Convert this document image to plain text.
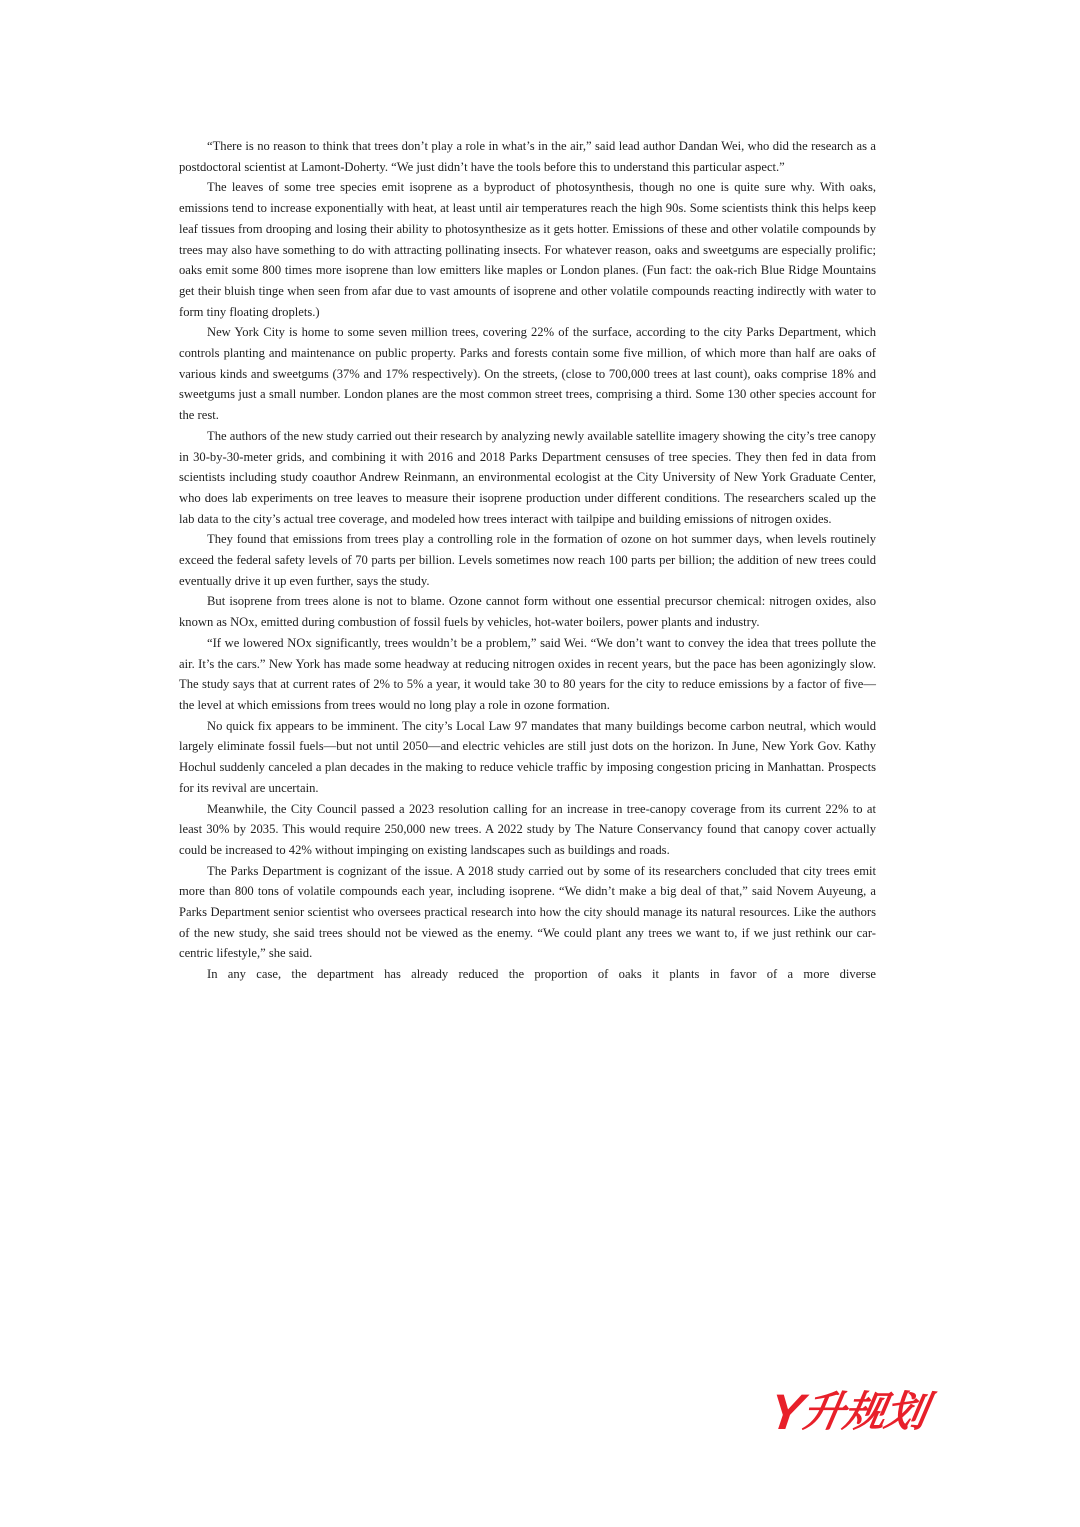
“There is no reason to think that trees don’t play a role in what’s in the air,” said lead author Dandan Wei, who did the research as a postdoctoral scientist at Lamont-Doherty. “We just didn’t have the tools before this to understand this particular aspect.”

The leaves of some tree species emit isoprene as a byproduct of photosynthesis, though no one is quite sure why. With oaks, emissions tend to increase exponentially with heat, at least until air temperatures reach the high 90s. Some scientists think this helps keep leaf tissues from drooping and losing their ability to photosynthesize as it gets hotter. Emissions of these and other volatile compounds by trees may also have something to do with attracting pollinating insects. For whatever reason, oaks and sweetgums are especially prolific; oaks emit some 800 times more isoprene than low emitters like maples or London planes. (Fun fact: the oak-rich Blue Ridge Mountains get their bluish tinge when seen from afar due to vast amounts of isoprene and other volatile compounds reacting indirectly with water to form tiny floating droplets.)

New York City is home to some seven million trees, covering 22% of the surface, according to the city Parks Department, which controls planting and maintenance on public property. Parks and forests contain some five million, of which more than half are oaks of various kinds and sweetgums (37% and 17% respectively). On the streets, (close to 700,000 trees at last count), oaks comprise 18% and sweetgums just a small number. London planes are the most common street trees, comprising a third. Some 130 other species account for the rest.

The authors of the new study carried out their research by analyzing newly available satellite imagery showing the city’s tree canopy in 30-by-30-meter grids, and combining it with 2016 and 2018 Parks Department censuses of tree species. They then fed in data from scientists including study coauthor Andrew Reinmann, an environmental ecologist at the City University of New York Graduate Center, who does lab experiments on tree leaves to measure their isoprene production under different conditions. The researchers scaled up the lab data to the city’s actual tree coverage, and modeled how trees interact with tailpipe and building emissions of nitrogen oxides.

They found that emissions from trees play a controlling role in the formation of ozone on hot summer days, when levels routinely exceed the federal safety levels of 70 parts per billion. Levels sometimes now reach 100 parts per billion; the addition of new trees could eventually drive it up even further, says the study.

But isoprene from trees alone is not to blame. Ozone cannot form without one essential precursor chemical: nitrogen oxides, also known as NOx, emitted during combustion of fossil fuels by vehicles, hot-water boilers, power plants and industry.

“If we lowered NOx significantly, trees wouldn’t be a problem,” said Wei. “We don’t want to convey the idea that trees pollute the air. It’s the cars.” New York has made some headway at reducing nitrogen oxides in recent years, but the pace has been agonizingly slow. The study says that at current rates of 2% to 5% a year, it would take 30 to 80 years for the city to reduce emissions by a factor of five—the level at which emissions from trees would no long play a role in ozone formation.

No quick fix appears to be imminent. The city’s Local Law 97 mandates that many buildings become carbon neutral, which would largely eliminate fossil fuels—but not until 2050—and electric vehicles are still just dots on the horizon. In June, New York Gov. Kathy Hochul suddenly canceled a plan decades in the making to reduce vehicle traffic by imposing congestion pricing in Manhattan. Prospects for its revival are uncertain.

Meanwhile, the City Council passed a 2023 resolution calling for an increase in tree-canopy coverage from its current 22% to at least 30% by 2035. This would require 250,000 new trees. A 2022 study by The Nature Conservancy found that canopy cover actually could be increased to 42% without impinging on existing landscapes such as buildings and roads.

The Parks Department is cognizant of the issue. A 2018 study carried out by some of its researchers concluded that city trees emit more than 800 tons of volatile compounds each year, including isoprene. “We didn’t make a big deal of that,” said Novem Auyeung, a Parks Department senior scientist who oversees practical research into how the city should manage its natural resources. Like the authors of the new study, she said trees should not be viewed as the enemy. “We could plant any trees we want to, if we just rethink our car-centric lifestyle,” she said.

In any case, the department has already reduced the proportion of oaks it plants in favor of a more diverse

Y
升规划
